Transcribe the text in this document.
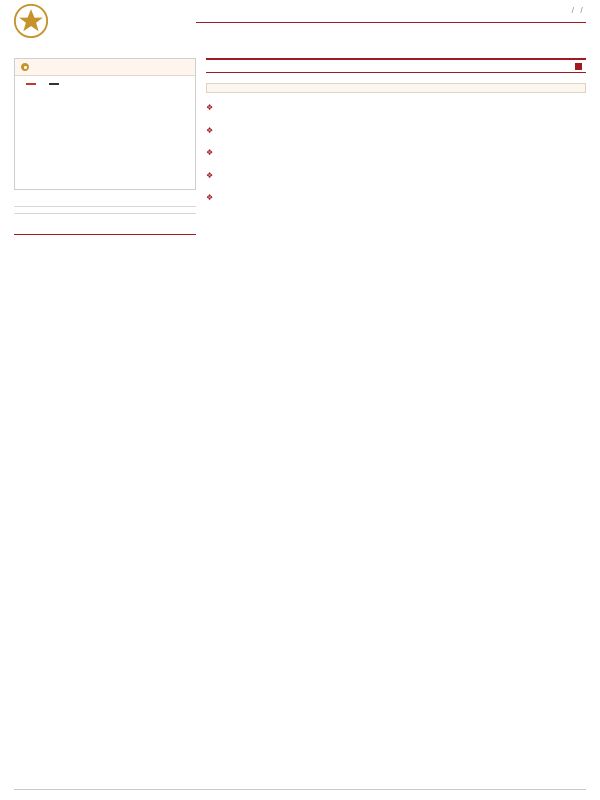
/ /
❖
❖
❖
❖
❖
